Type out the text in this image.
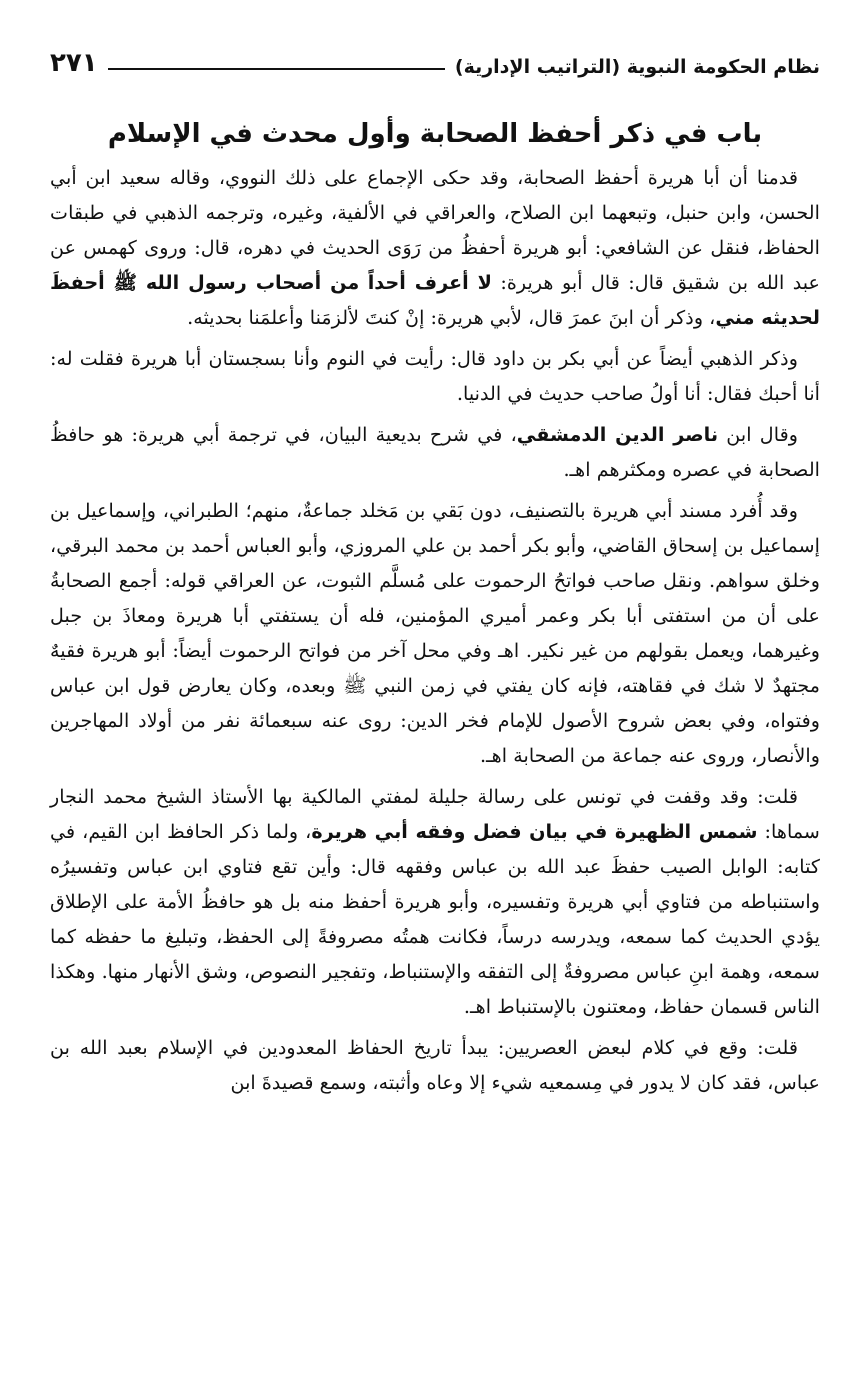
نظام الحكومة النبوية (التراتيب الإدارية)
٢٧١
باب في ذكر أحفظ الصحابة وأول محدث في الإسلام

قدمنا أن أبا هريرة أحفظ الصحابة، وقد حكى الإجماع على ذلك النووي، وقاله سعيد ابن أبي الحسن، وابن حنبل، وتبعهما ابن الصلاح، والعراقي في الألفية، وغيره، وترجمه الذهبي في طبقات الحفاظ، فنقل عن الشافعي: أبو هريرة أحفظُ من رَوَى الحديث في دهره، قال: وروى كهمس عن عبد الله بن شقيق قال: قال أبو هريرة: لا أعرف أحداً من أصحاب رسول الله ﷺ أحفظَ لحديثه مني، وذكر أن ابنَ عمرَ قال، لأبي هريرة: إنْ كنتَ لألزمَنا وأعلمَنا بحديثه.

وذكر الذهبي أيضاً عن أبي بكر بن داود قال: رأيت في النوم وأنا بسجستان أبا هريرة فقلت له: أنا أحبك فقال: أنا أولُ صاحب حديث في الدنيا.

وقال ابن ناصر الدين الدمشقي، في شرح بديعية البيان، في ترجمة أبي هريرة: هو حافظُ الصحابة في عصره ومكثرهم اهـ.

وقد أُفرد مسند أبي هريرة بالتصنيف، دون بَقي بن مَخلد جماعةٌ، منهم؛ الطبراني، وإسماعيل بن إسماعيل بن إسحاق القاضي، وأبو بكر أحمد بن علي المروزي، وأبو العباس أحمد بن محمد البرقي، وخلق سواهم. ونقل صاحب فواتحُ الرحموت على مُسلَّم الثبوت، عن العراقي قوله: أجمع الصحابةُ على أن من استفتى أبا بكر وعمر أميري المؤمنين، فله أن يستفتي أبا هريرة ومعاذَ بن جبل وغيرهما، ويعمل بقولهم من غير نكير. اهـ وفي محل آخر من فواتح الرحموت أيضاً: أبو هريرة فقيهٌ مجتهدٌ لا شك في فقاهته، فإنه كان يفتي في زمن النبي ﷺ وبعده، وكان يعارض قول ابن عباس وفتواه، وفي بعض شروح الأصول للإمام فخر الدين: روى عنه سبعمائة نفر من أولاد المهاجرين والأنصار، وروى عنه جماعة من الصحابة اهـ.

قلت: وقد وقفت في تونس على رسالة جليلة لمفتي المالكية بها الأستاذ الشيخ محمد النجار سماها: شمس الظهيرة في بيان فضل وفقه أبي هريرة، ولما ذكر الحافظ ابن القيم، في كتابه: الوابل الصيب حفظَ عبد الله بن عباس وفقهه قال: وأين تقع فتاوي ابن عباس وتفسيرُه واستنباطه من فتاوي أبي هريرة وتفسيره، وأبو هريرة أحفظ منه بل هو حافظُ الأمة على الإطلاق يؤدي الحديث كما سمعه، ويدرسه درساً، فكانت همتُه مصروفةً إلى الحفظ، وتبليغ ما حفظه كما سمعه، وهمة ابنِ عباس مصروفةٌ إلى التفقه والإستنباط، وتفجير النصوص، وشق الأنهار منها. وهكذا الناس قسمان حفاظ، ومعتنون بالإستنباط اهـ.

قلت: وقع في كلام لبعض العصريين: يبدأ تاريخ الحفاظ المعدودين في الإسلام بعبد الله بن عباس، فقد كان لا يدور في مِسمعيه شيء إلا وعاه وأثبته، وسمع قصيدةَ ابن
